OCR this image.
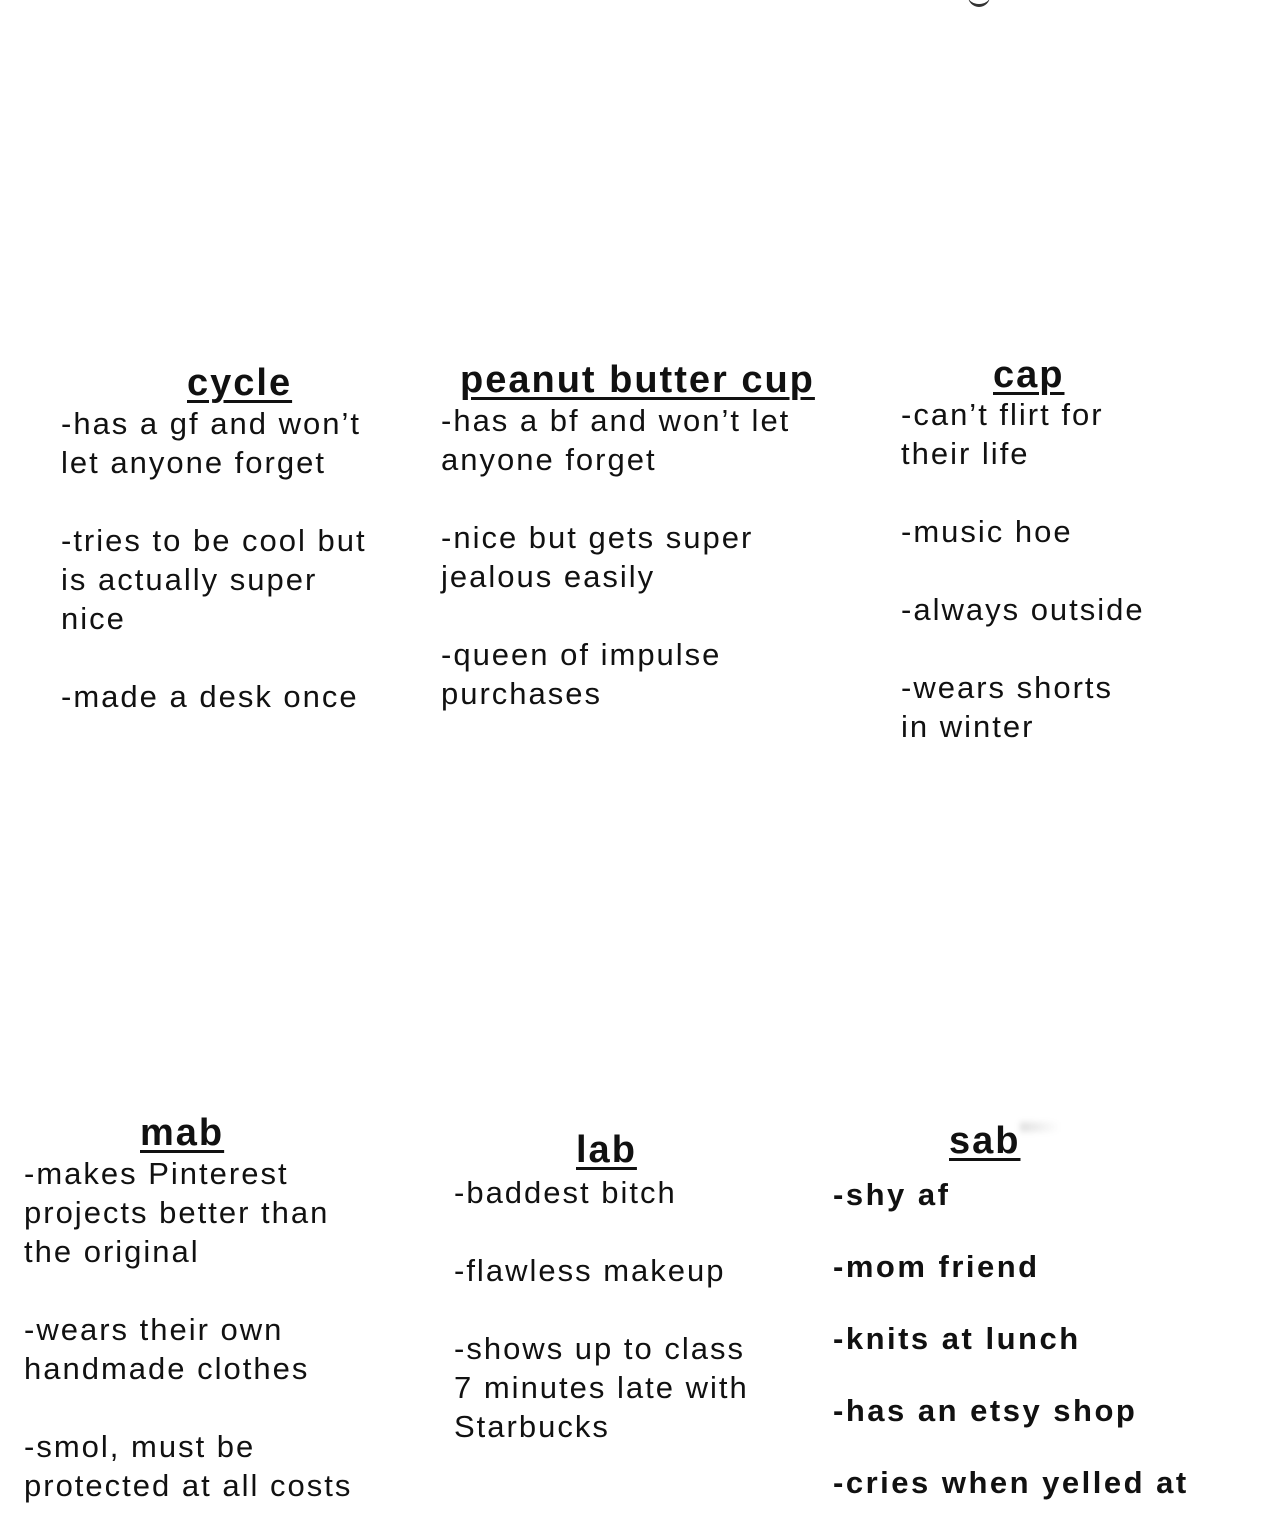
cycle
-has a gf and won’t
let anyone forget
-tries to be cool but
is actually super
nice
-made a desk once
peanut butter cup
-has a bf and won’t let
anyone forget
-nice but gets super
jealous easily
-queen of impulse
purchases
cap
-can’t flirt for
their life
-music hoe
-always outside
-wears shorts
in winter
mab
-makes Pinterest
projects better than
the original
-wears their own
handmade clothes
-smol, must be
protected at all costs
lab
-baddest bitch
-flawless makeup
-shows up to class
7 minutes late with
Starbucks
sab
-shy af
-mom friend
-knits at lunch
-has an etsy shop
-cries when yelled at
